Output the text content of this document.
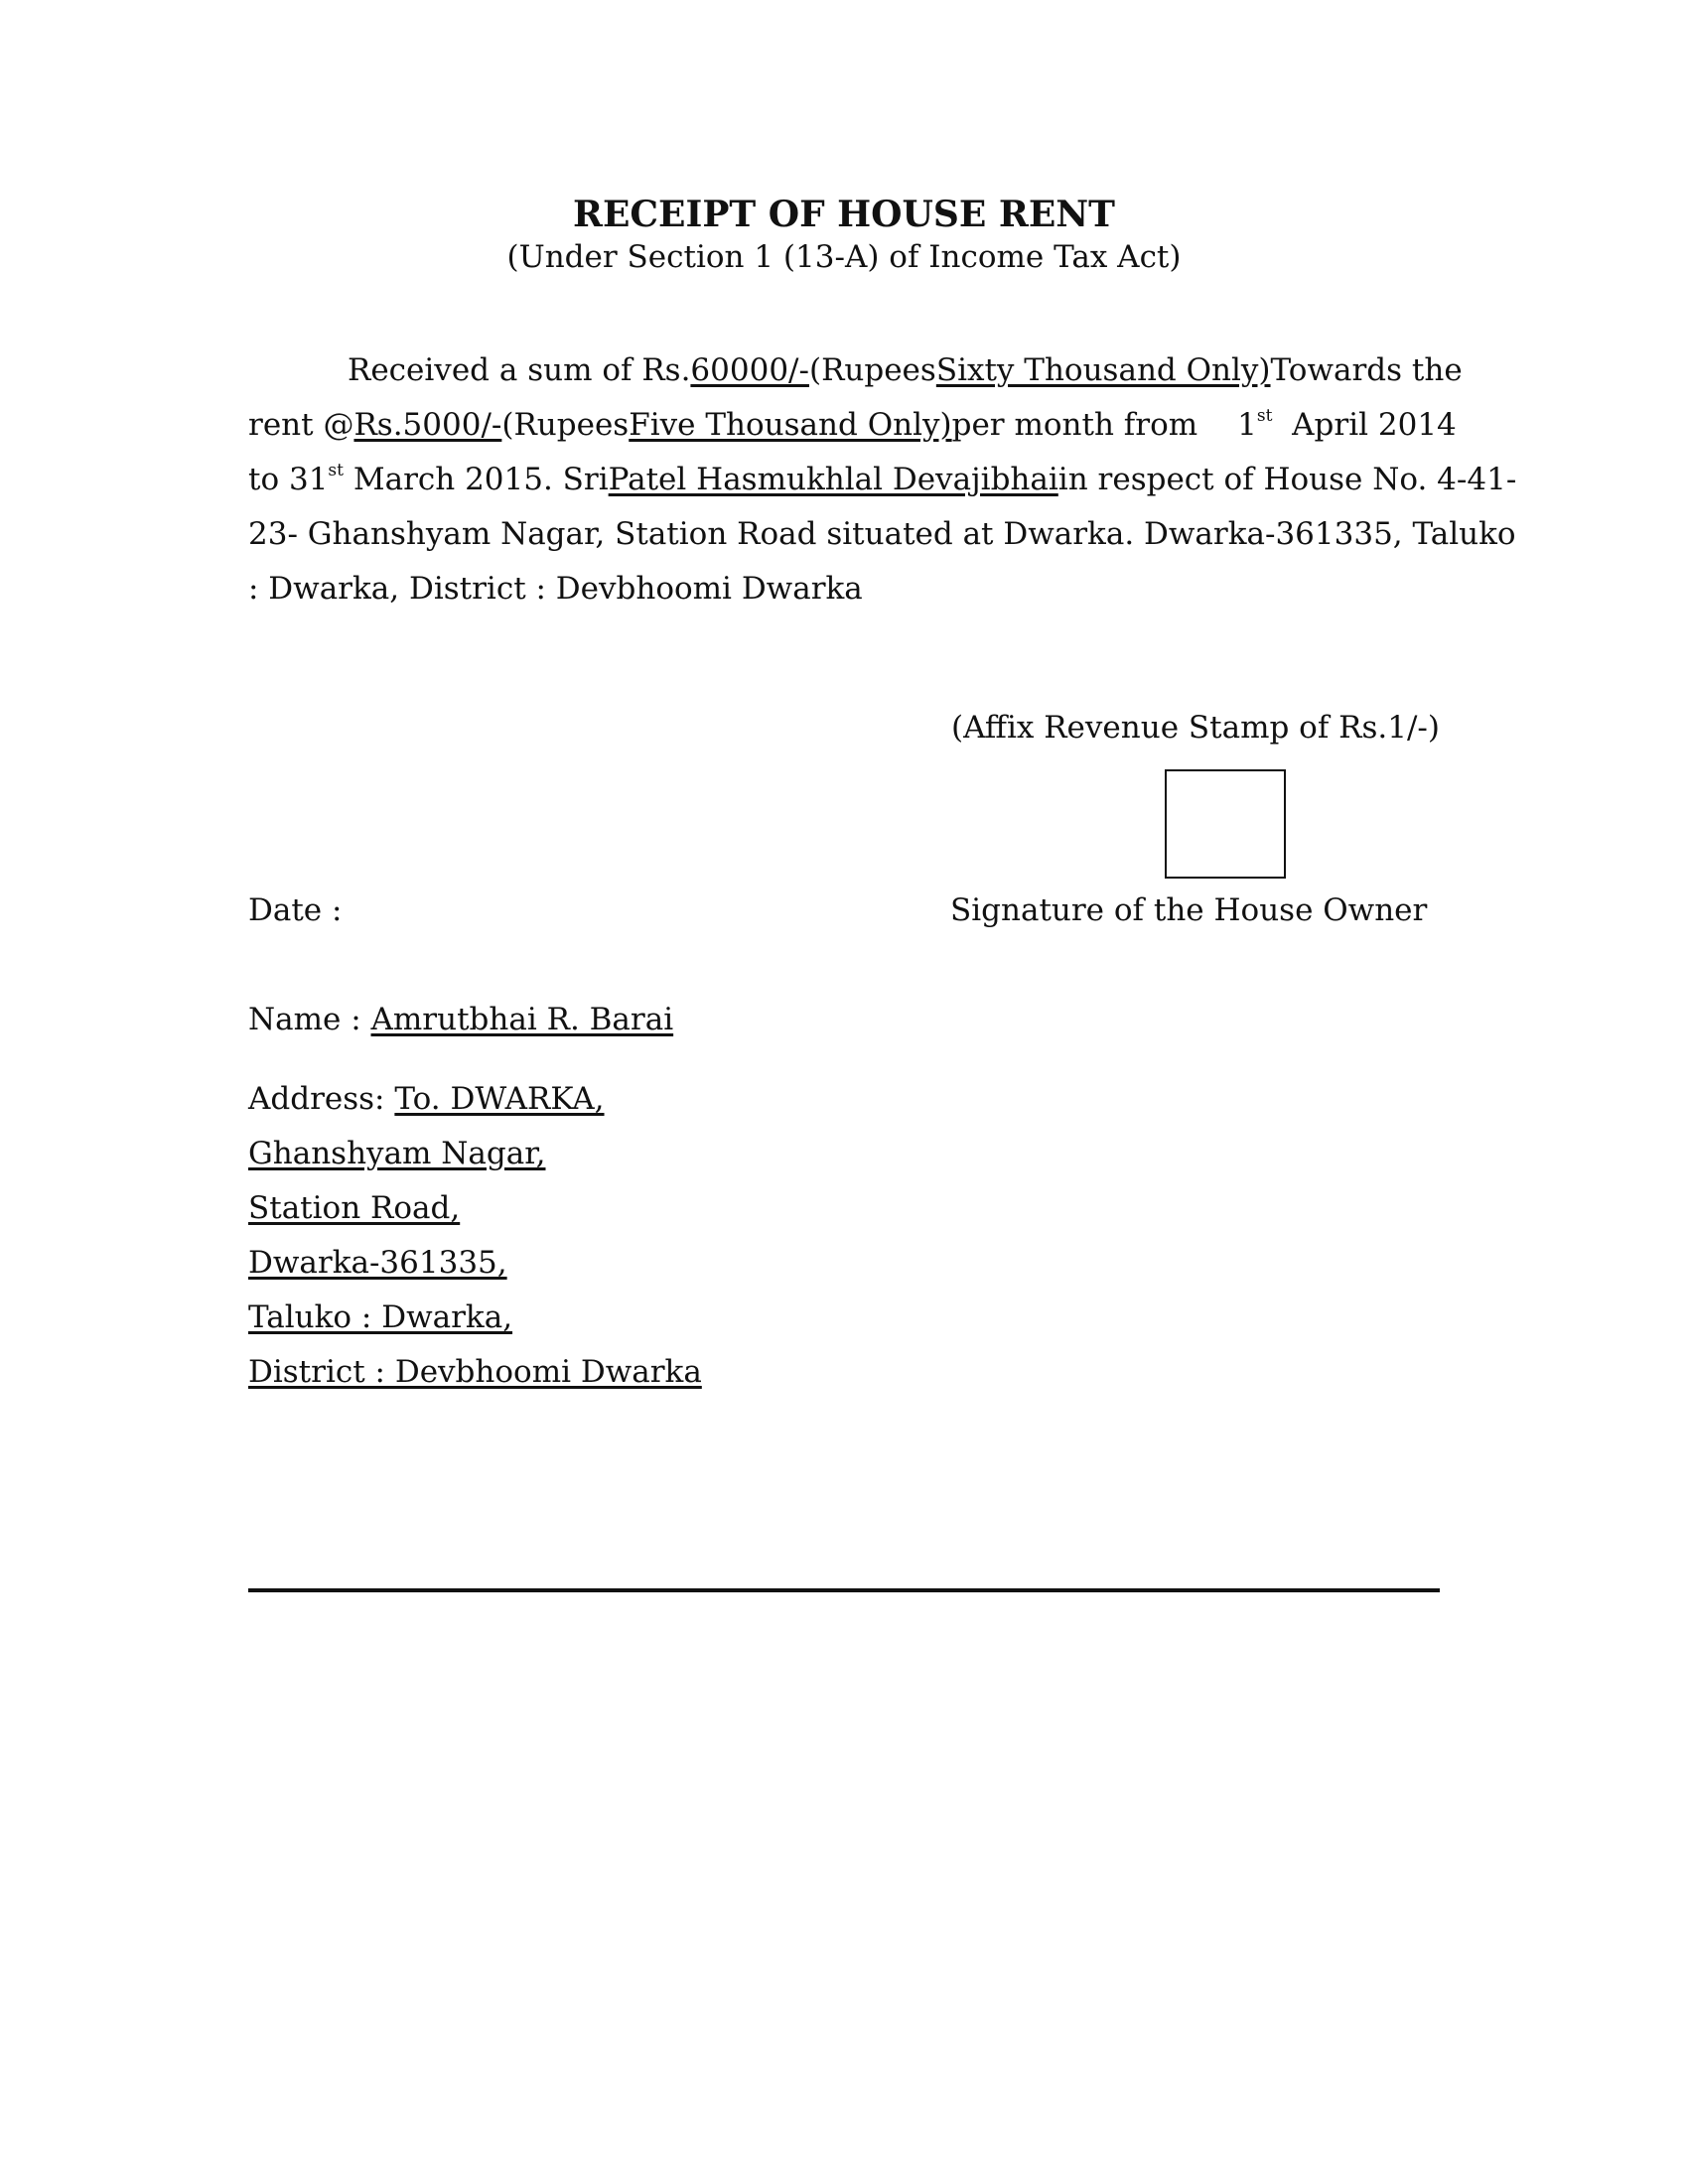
RECEIPT OF HOUSE RENT
(Under Section 1 (13-A) of Income Tax Act)
Received a sum of Rs. 60000/- (Rupees Sixty Thousand Only) Towards the
rent @Rs.5000/- (Rupees Five Thousand Only) per month from	1st April 2014
to 31st March 2015. Sri Patel Hasmukhlal Devajibhai in respect of House No. 4-41-
23- Ghanshyam Nagar, Station Road situated at Dwarka. Dwarka-361335, Taluko
: Dwarka, District : Devbhoomi Dwarka
(Affix Revenue Stamp of Rs.1/-)
Date :	Signature of the House Owner
Name : Amrutbhai R. Barai
Address: To. DWARKA,
Ghanshyam Nagar,
Station Road,
Dwarka-361335,
Taluko : Dwarka,
District : Devbhoomi Dwarka
